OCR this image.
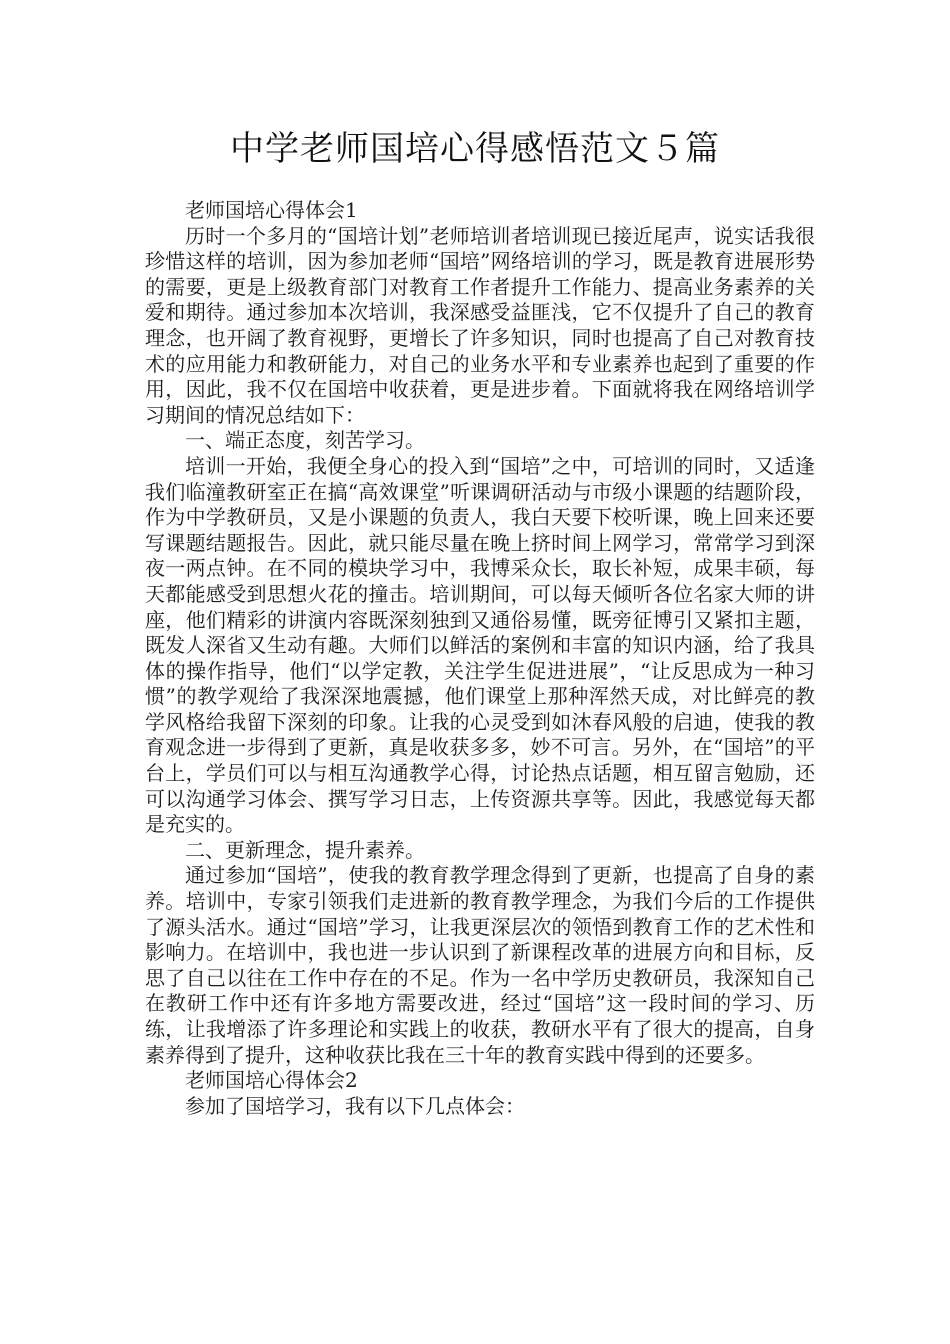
中学老师国培心得感悟范文５篇

老师国培心得体会1

历时一个多月的“国培计划”老师培训者培训现已接近尾声，说实话我很珍惜这样的培训，因为参加老师“国培”网络培训的学习，既是教育进展形势的需要，更是上级教育部门对教育工作者提升工作能力、提高业务素养的关爱和期待。通过参加本次培训，我深感受益匪浅，它不仅提升了自己的教育理念，也开阔了教育视野，更增长了许多知识，同时也提高了自己对教育技术的应用能力和教研能力，对自己的业务水平和专业素养也起到了重要的作用，因此，我不仅在国培中收获着，更是进步着。下面就将我在网络培训学习期间的情况总结如下：

一、端正态度，刻苦学习。

培训一开始，我便全身心的投入到“国培”之中，可培训的同时，又适逢我们临潼教研室正在搞“高效课堂”听课调研活动与市级小课题的结题阶段，作为中学教研员，又是小课题的负责人，我白天要下校听课，晚上回来还要写课题结题报告。因此，就只能尽量在晚上挤时间上网学习，常常学习到深夜一两点钟。在不同的模块学习中，我博采众长，取长补短，成果丰硕，每天都能感受到思想火花的撞击。培训期间，可以每天倾听各位名家大师的讲座，他们精彩的讲演内容既深刻独到又通俗易懂，既旁征博引又紧扣主题，既发人深省又生动有趣。大师们以鲜活的案例和丰富的知识内涵，给了我具体的操作指导，他们“以学定教，关注学生促进进展”，“让反思成为一种习惯”的教学观给了我深深地震撼，他们课堂上那种浑然天成，对比鲜亮的教学风格给我留下深刻的印象。让我的心灵受到如沐春风般的启迪，使我的教育观念进一步得到了更新，真是收获多多，妙不可言。另外，在“国培”的平台上，学员们可以与相互沟通教学心得，讨论热点话题，相互留言勉励，还可以沟通学习体会、撰写学习日志，上传资源共享等。因此，我感觉每天都是充实的。

二、更新理念，提升素养。

通过参加“国培”，使我的教育教学理念得到了更新，也提高了自身的素养。培训中，专家引领我们走进新的教育教学理念，为我们今后的工作提供了源头活水。通过“国培”学习，让我更深层次的领悟到教育工作的艺术性和影响力。在培训中，我也进一步认识到了新课程改革的进展方向和目标，反思了自己以往在工作中存在的不足。作为一名中学历史教研员，我深知自己在教研工作中还有许多地方需要改进，经过“国培”这一段时间的学习、历练，让我增添了许多理论和实践上的收获，教研水平有了很大的提高，自身素养得到了提升，这种收获比我在三十年的教育实践中得到的还要多。

老师国培心得体会2

参加了国培学习，我有以下几点体会：
